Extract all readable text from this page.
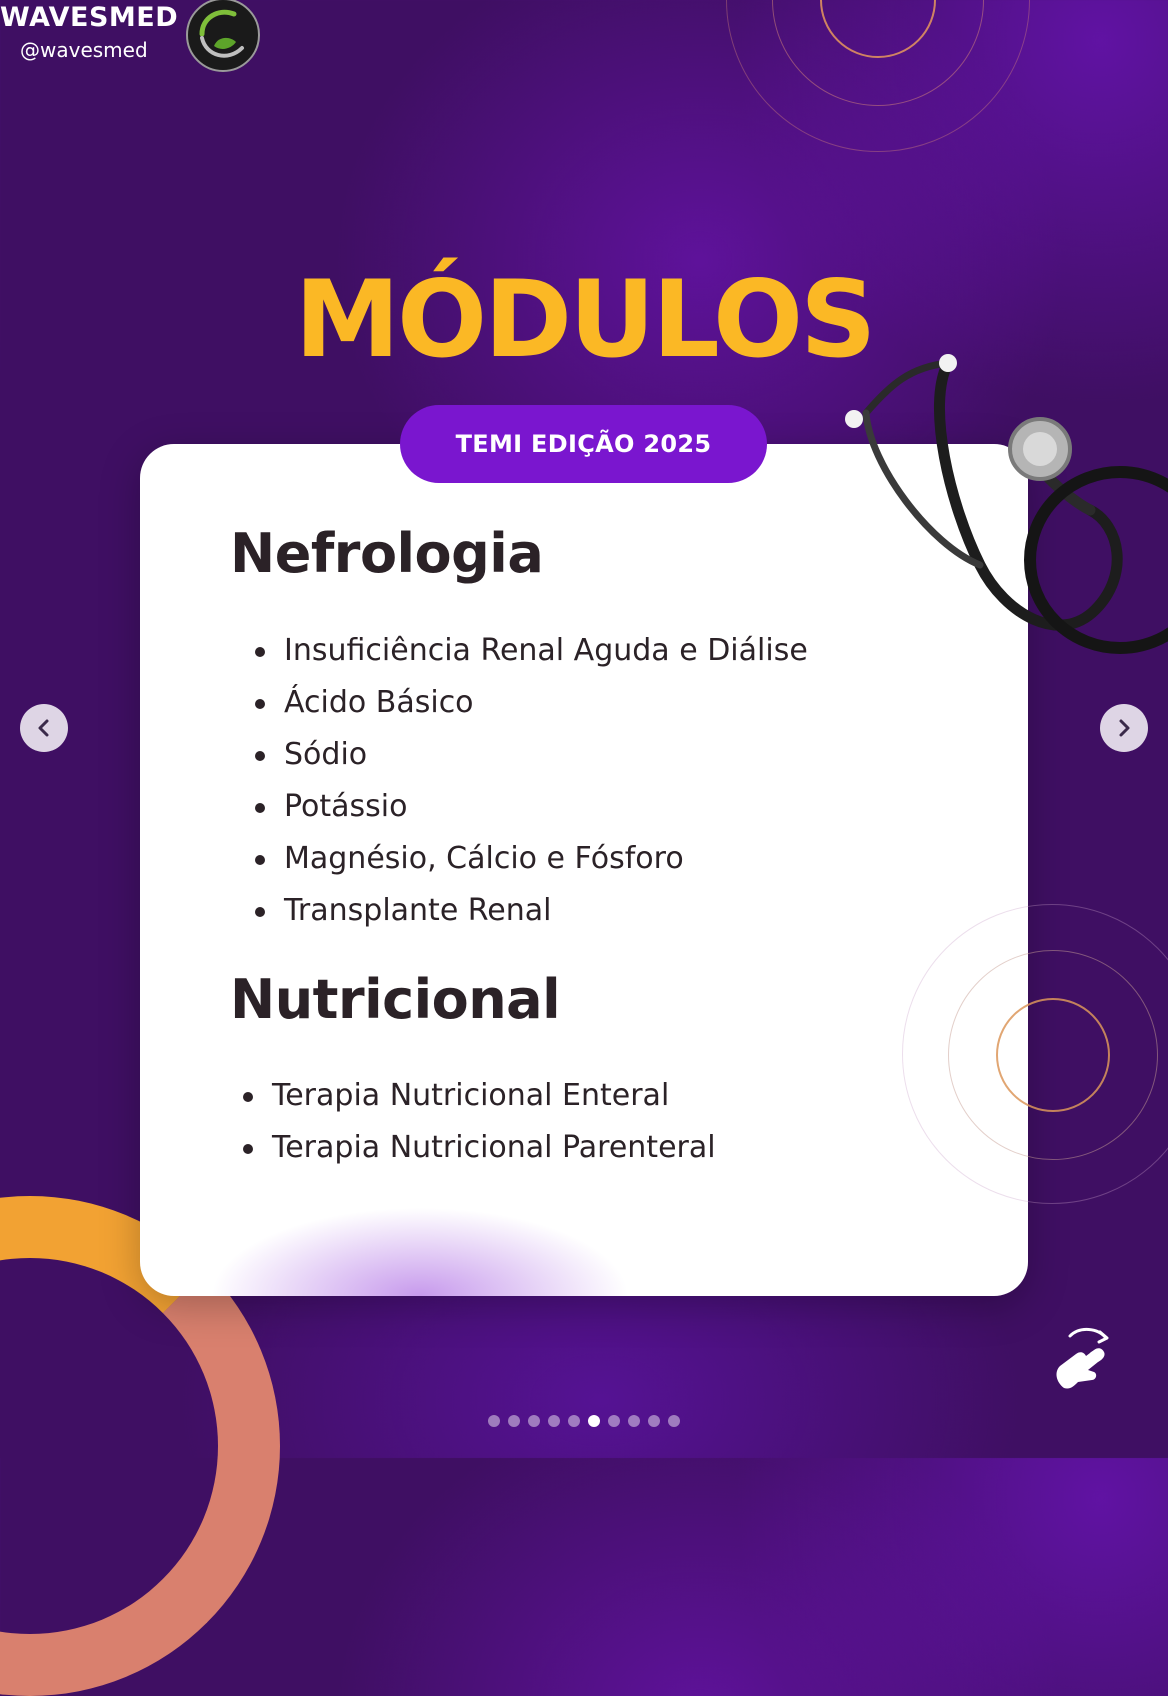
WAVESMED
@wavesmed
MÓDULOS
Nefrologia
Insuficiência Renal Aguda e Diálise
Ácido Básico
Sódio
Potássio
Magnésio, Cálcio e Fósforo
Transplante Renal
Nutricional
Terapia Nutricional Enteral
Terapia Nutricional Parenteral
TEMI EDIÇÃO 2025
